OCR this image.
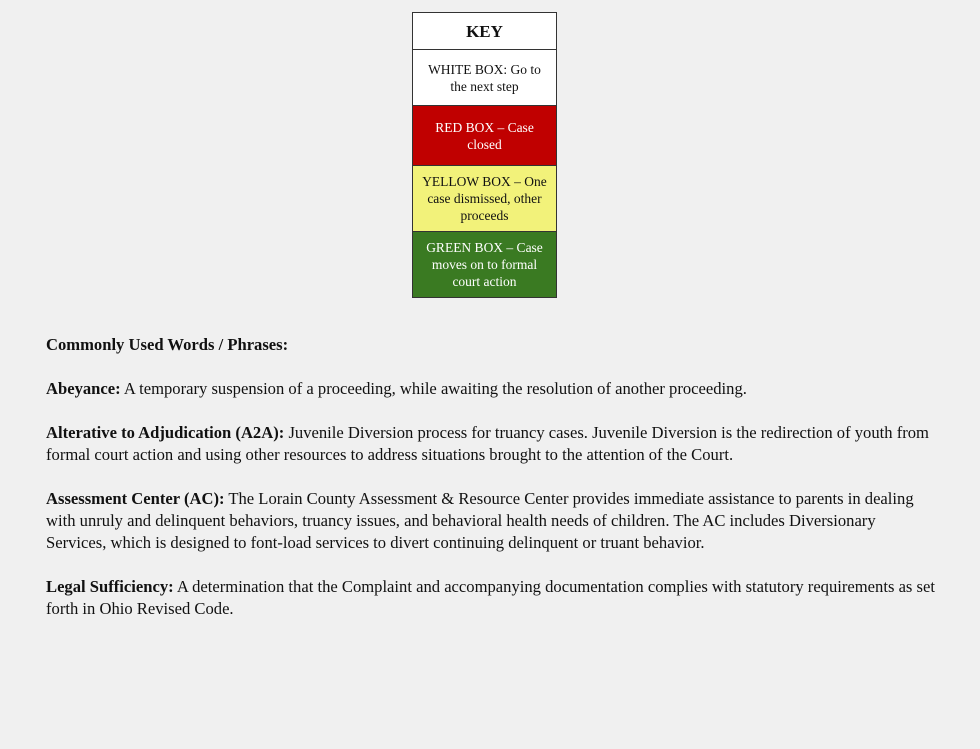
KEY
WHITE BOX: Go to the next step
RED BOX – Case closed
YELLOW BOX – One case dismissed, other proceeds
GREEN BOX – Case moves on to formal court action

Commonly Used Words / Phrases:

Abeyance: A temporary suspension of a proceeding, while awaiting the resolution of another proceeding.

Alterative to Adjudication (A2A): Juvenile Diversion process for truancy cases. Juvenile Diversion is the redirection of youth from formal court action and using other resources to address situations brought to the attention of the Court.

Assessment Center (AC): The Lorain County Assessment & Resource Center provides immediate assistance to parents in dealing with unruly and delinquent behaviors, truancy issues, and behavioral health needs of children. The AC includes Diversionary Services, which is designed to font-load services to divert continuing delinquent or truant behavior.

Legal Sufficiency: A determination that the Complaint and accompanying documentation complies with statutory requirements as set forth in Ohio Revised Code.
